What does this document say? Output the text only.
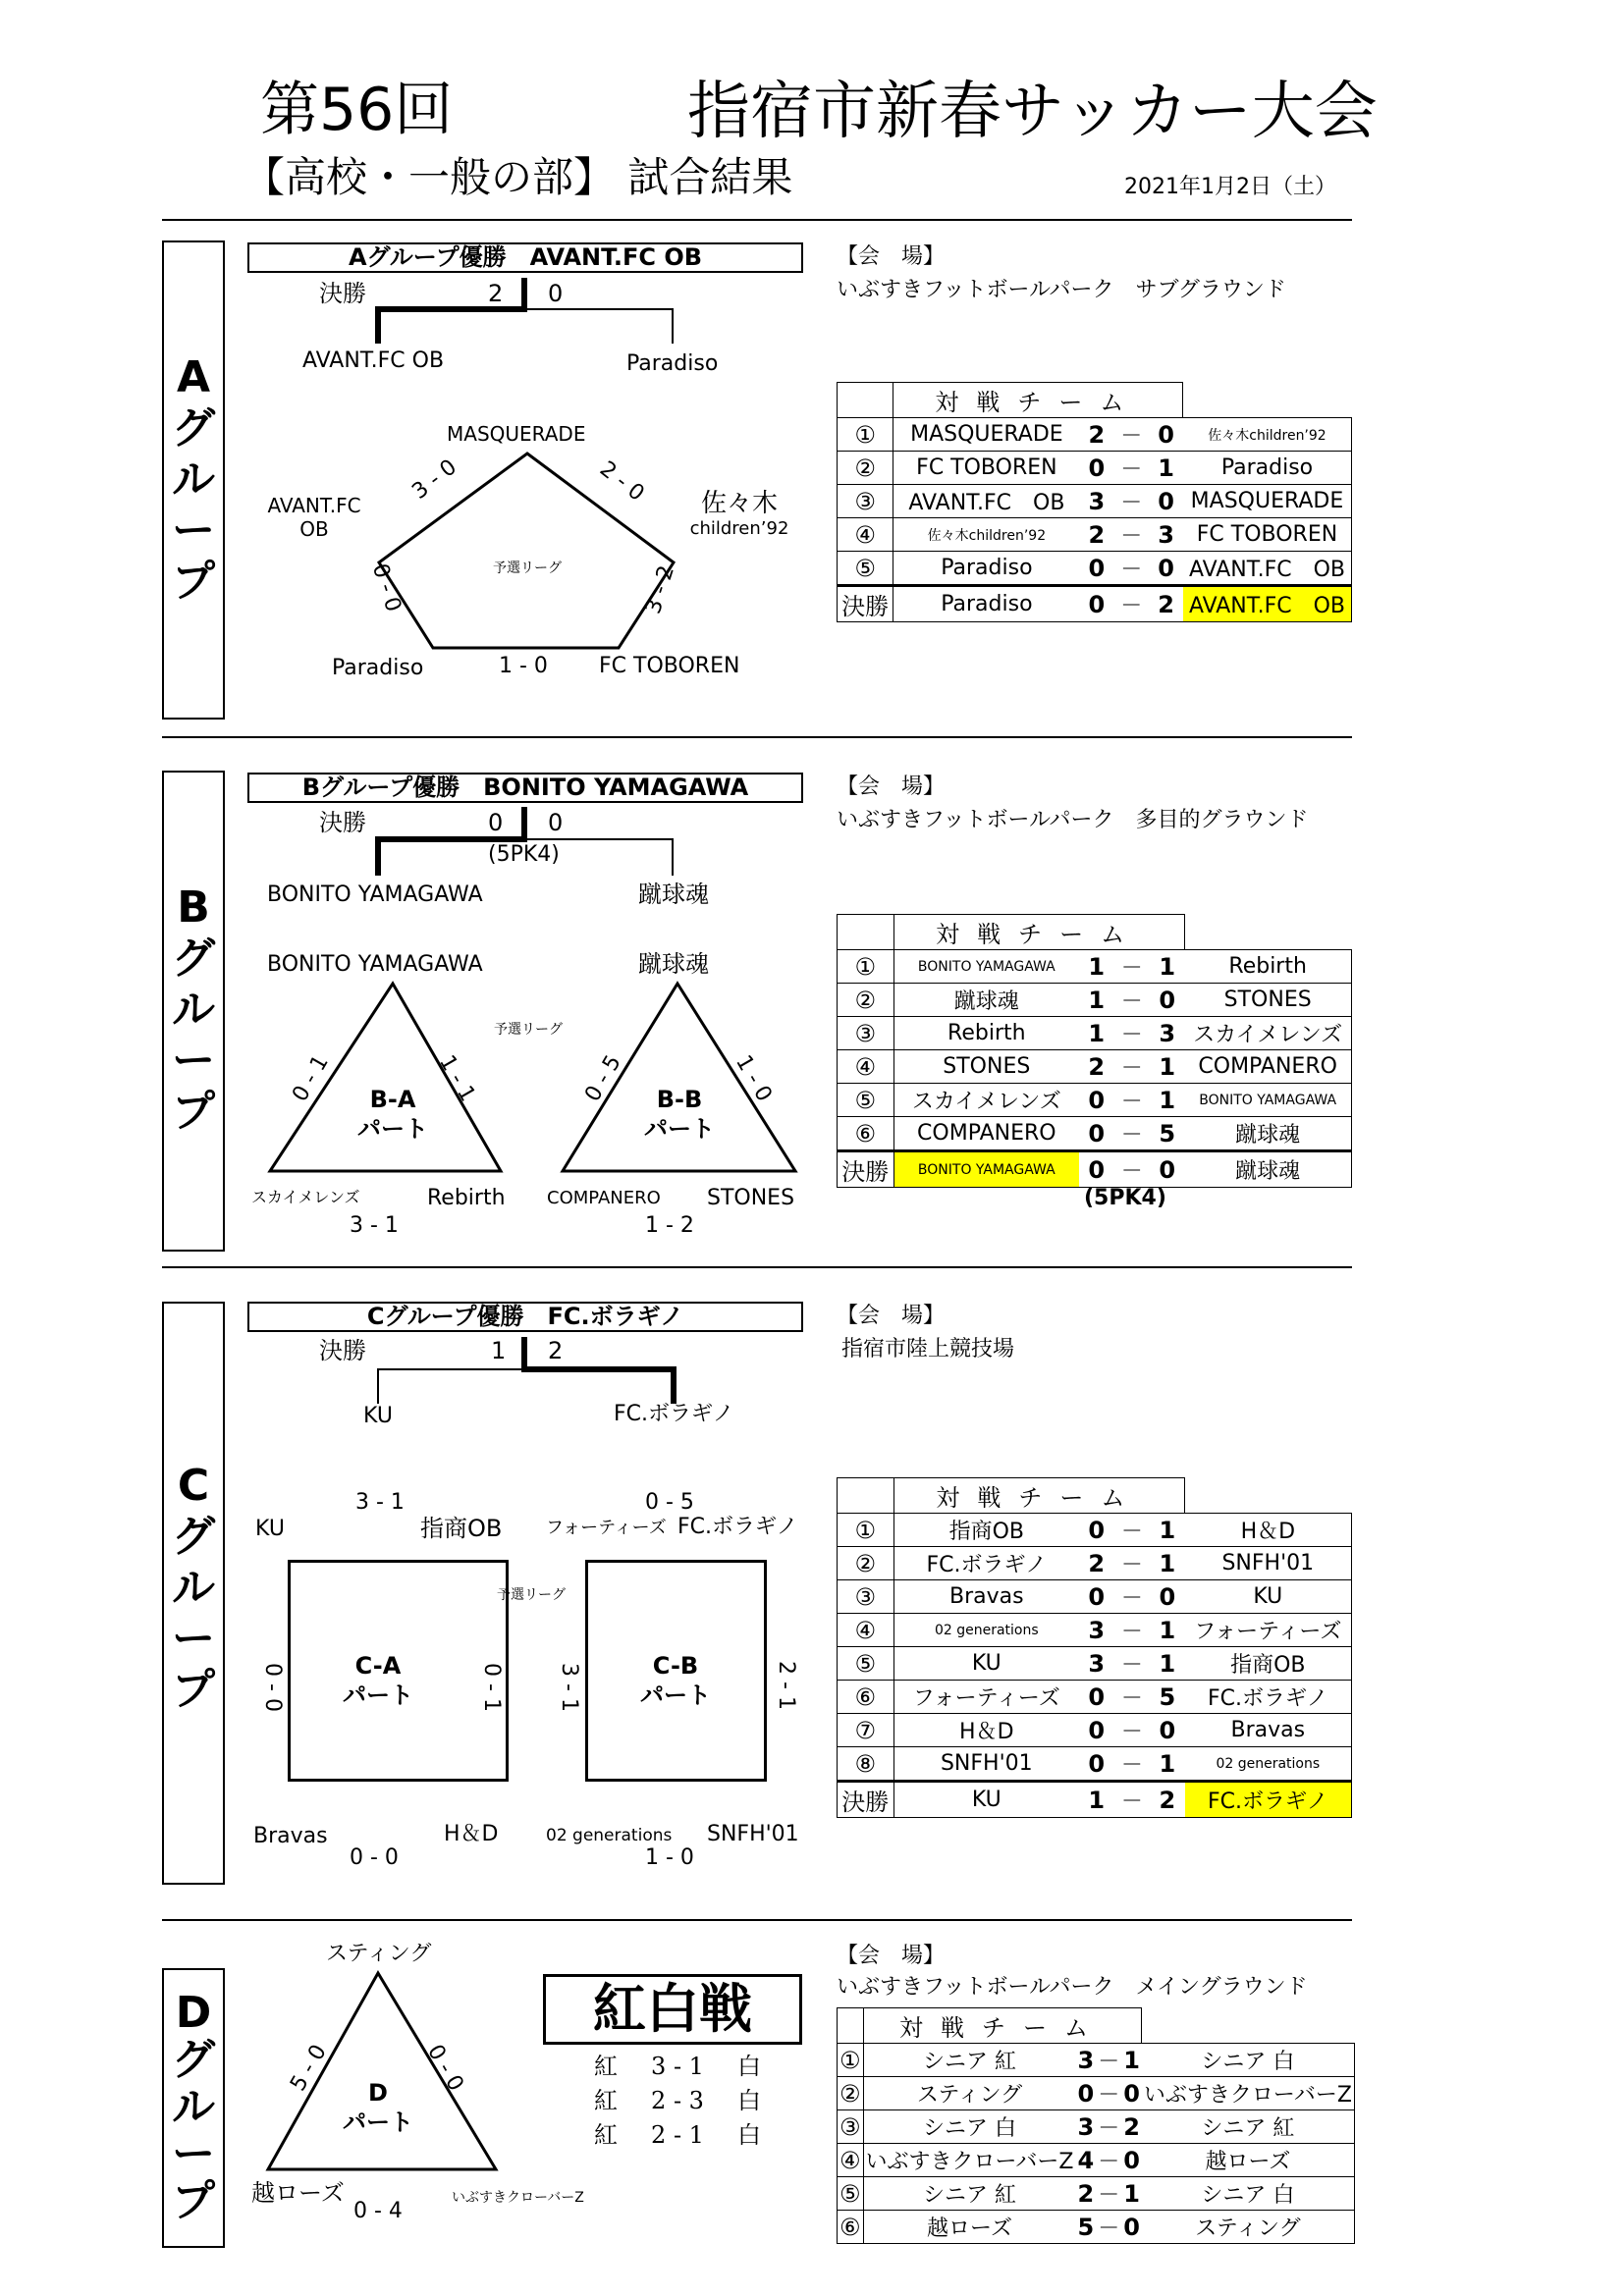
第56回	指宿市新春サッカー大会
【高校・一般の部】 試合結果	2021年1月2日（土）
A
グ
ル
ー
プ
Aグループ優勝　AVANT.FC OB
決勝	2 0
AVANT.FC OB	Paradiso
MASQUERADE
AVANT.FC
OB
佐々木
children’92
Paradiso	FC TOBOREN
3 - 0	2 - 0
0 - 0	3 - 2
1 - 0
予選リーグ
【会　場】
いぶすきフットボールパーク　サブグラウンド
	対戦チーム				
①	MASQUERADE	2	－	0	佐々木children’92
②	FC TOBOREN	0	－	1	Paradiso
③	AVANT.FC　OB	3	－	0	MASQUERADE
④	佐々木children’92	2	－	3	FC TOBOREN
⑤	Paradiso	0	－	0	AVANT.FC　OB
決勝	Paradiso	0	－	2	AVANT.FC　OB
B
グ
ル
ー
プ
Bグループ優勝　BONITO YAMAGAWA
決勝	0 0
(5PK4)
BONITO YAMAGAWA	蹴球魂
BONITO YAMAGAWA	蹴球魂
予選リーグ
0 - 1	1 - 1
B-A
パート
0 - 5	1 - 0
B-B
パート
スカイメレンズ	Rebirth
3 - 1
COMPANERO STONES
1 - 2
【会　場】
いぶすきフットボールパーク　多目的グラウンド
	対戦チーム				
①	BONITO YAMAGAWA	1	－	1	Rebirth
②	蹴球魂	1	－	0	STONES
③	Rebirth	1	－	3	スカイメレンズ
④	STONES	2	－	1	COMPANERO
⑤	スカイメレンズ	0	－	1	BONITO YAMAGAWA
⑥	COMPANERO	0	－	5	蹴球魂
決勝	BONITO YAMAGAWA	0	－	0	蹴球魂
(5PK4)
C
グ
ル
ー
プ
Cグループ優勝　FC.ボラギノ
決勝	1 2
KU	FC.ボラギノ
3 - 1
KU	指商OB
0 - 0	0 - 1
C-A
パート
Bravas	H＆D
0 - 0
0 - 5
フォーティーズ FC.ボラギノ
予選リーグ
3 - 1	2 - 1
C-B
パート
02 generations SNFH'01
1 - 0
【会　場】
指宿市陸上競技場
	対戦チーム				
①	指商OB	0	－	1	H＆D
②	FC.ボラギノ	2	－	1	SNFH'01
③	Bravas	0	－	0	KU
④	02 generations	3	－	1	フォーティーズ
⑤	KU	3	－	1	指商OB
⑥	フォーティーズ	0	－	5	FC.ボラギノ
⑦	H＆D	0	－	0	Bravas
⑧	SNFH'01	0	－	1	02 generations
決勝	KU	1	－	2	FC.ボラギノ
D
グ
ル
ー
プ
スティング
5 - 0	0 - 0
D
パート
越ローズ	いぶすきクローバーZ
0 - 4
紅白戦
紅 3 - 1 白
紅 2 - 3 白
紅 2 - 1 白
【会　場】
いぶすきフットボールパーク　メイングラウンド
	対戦チーム				
①	シニア 紅	3	－	1	シニア 白
②	スティング	0	－	0	いぶすきクローバーZ
③	シニア 白	3	－	2	シニア 紅
④	いぶすきクローバーZ	4	－	0	越ローズ
⑤	シニア 紅	2	－	1	シニア 白
⑥	越ローズ	5	－	0	スティング
